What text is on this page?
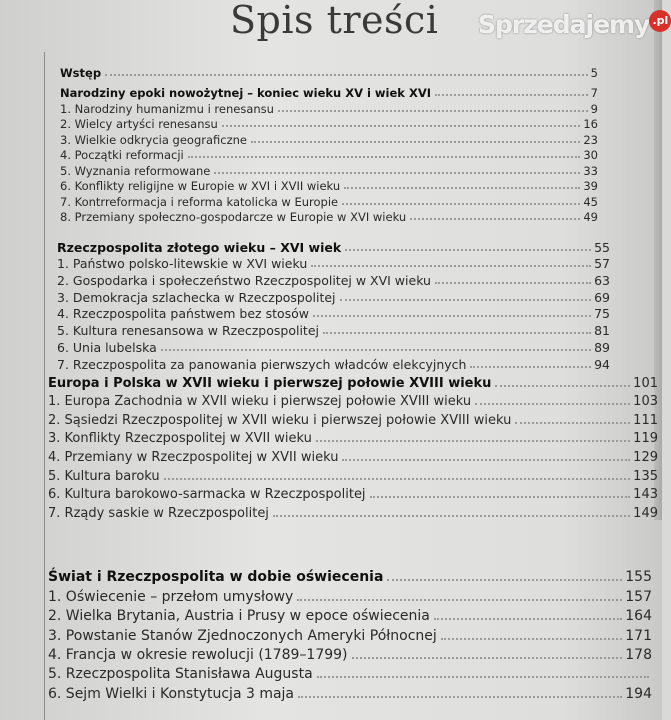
Spis treści
Wstęp	5
Narodziny epoki nowożytnej – koniec wieku XV i wiek XVI	7
1. Narodziny humanizmu i renesansu	9
2. Wielcy artyści renesansu	16
3. Wielkie odkrycia geograficzne	23
4. Początki reformacji	30
5. Wyznania reformowane	33
6. Konflikty religijne w Europie w XVI i XVII wieku	39
7. Kontrreformacja i reforma katolicka w Europie	45
8. Przemiany społeczno-gospodarcze w Europie w XVI wieku	49
Rzeczpospolita złotego wieku – XVI wiek	55
1. Państwo polsko-litewskie w XVI wieku	57
2. Gospodarka i społeczeństwo Rzeczpospolitej w XVI wieku	63
3. Demokracja szlachecka w Rzeczpospolitej	69
4. Rzeczpospolita państwem bez stosów	75
5. Kultura renesansowa w Rzeczpospolitej	81
6. Unia lubelska	89
7. Rzeczpospolita za panowania pierwszych władców elekcyjnych	94
Europa i Polska w XVII wieku i pierwszej połowie XVIII wieku	101
1. Europa Zachodnia w XVII wieku i pierwszej połowie XVIII wieku	103
2. Sąsiedzi Rzeczpospolitej w XVII wieku i pierwszej połowie XVIII wieku	111
3. Konflikty Rzeczpospolitej w XVII wieku	119
4. Przemiany w Rzeczpospolitej w XVII wieku	129
5. Kultura baroku	135
6. Kultura barokowo-sarmacka w Rzeczpospolitej	143
7. Rządy saskie w Rzeczpospolitej	149
Świat i Rzeczpospolita w dobie oświecenia	155
1. Oświecenie – przełom umysłowy	157
2. Wielka Brytania, Austria i Prusy w epoce oświecenia	164
3. Powstanie Stanów Zjednoczonych Ameryki Północnej	171
4. Francja w okresie rewolucji (1789–1799)	178
5. Rzeczpospolita Stanisława Augusta
6. Sejm Wielki i Konstytucja 3 maja	194
Sprzedajemy .pl
